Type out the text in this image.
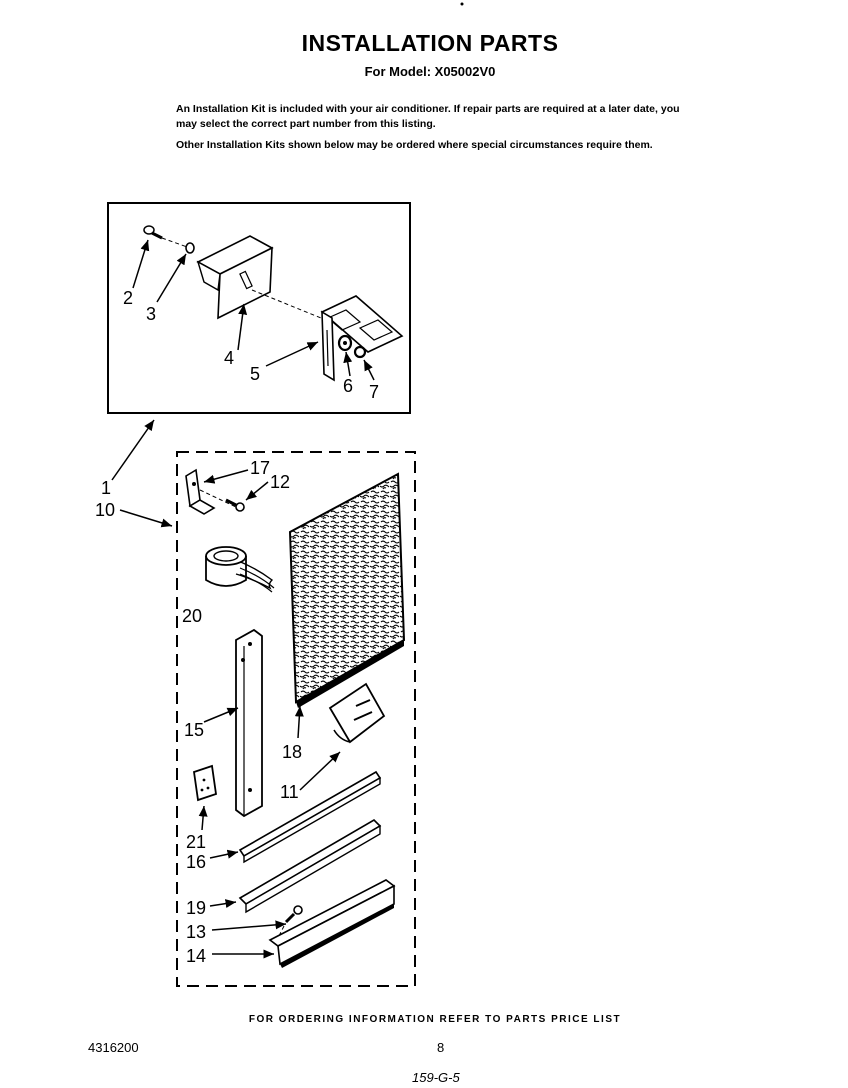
INSTALLATION PARTS
For Model: X05002V0

An Installation Kit is included with your air conditioner. If repair parts are required at a later date, you may select the correct part number from this listing.

Other Installation Kits shown below may be ordered where special circumstances require them.

1
2
3
4
5
6 7
10
17
12
20
15
18
11
21
16
19
13
14
FOR ORDERING INFORMATION REFER TO PARTS PRICE LIST
4316200	8
159-G-5
